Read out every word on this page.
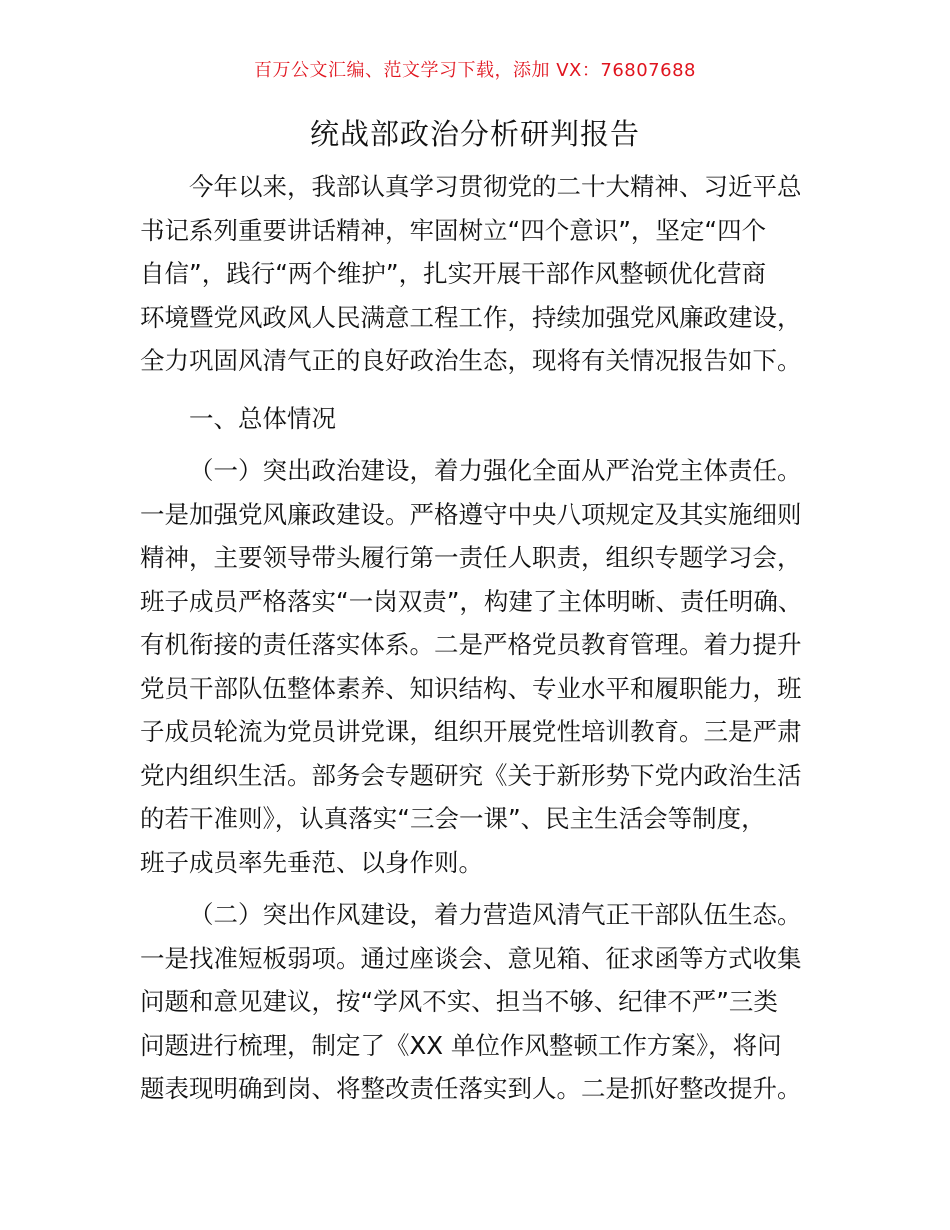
百万公文汇编、范文学习下载，添加 VX：76807688
统战部政治分析研判报告
今年以来，我部认真学习贯彻党的二十大精神、习近平总
书记系列重要讲话精神，牢固树立“四个意识”，坚定“四个
自信”，践行“两个维护”，扎实开展干部作风整顿优化营商
环境暨党风政风人民满意工程工作，持续加强党风廉政建设，
全力巩固风清气正的良好政治生态，现将有关情况报告如下。
一、总体情况
（一）突出政治建设，着力强化全面从严治党主体责任。
一是加强党风廉政建设。严格遵守中央八项规定及其实施细则
精神，主要领导带头履行第一责任人职责，组织专题学习会，
班子成员严格落实“一岗双责”，构建了主体明晰、责任明确、
有机衔接的责任落实体系。二是严格党员教育管理。着力提升
党员干部队伍整体素养、知识结构、专业水平和履职能力，班
子成员轮流为党员讲党课，组织开展党性培训教育。三是严肃
党内组织生活。部务会专题研究《关于新形势下党内政治生活
的若干准则》，认真落实“三会一课”、民主生活会等制度，
班子成员率先垂范、以身作则。
（二）突出作风建设，着力营造风清气正干部队伍生态。
一是找准短板弱项。通过座谈会、意见箱、征求函等方式收集
问题和意见建议，按“学风不实、担当不够、纪律不严”三类
问题进行梳理，制定了《XX 单位作风整顿工作方案》，将问
题表现明确到岗、将整改责任落实到人。二是抓好整改提升。
